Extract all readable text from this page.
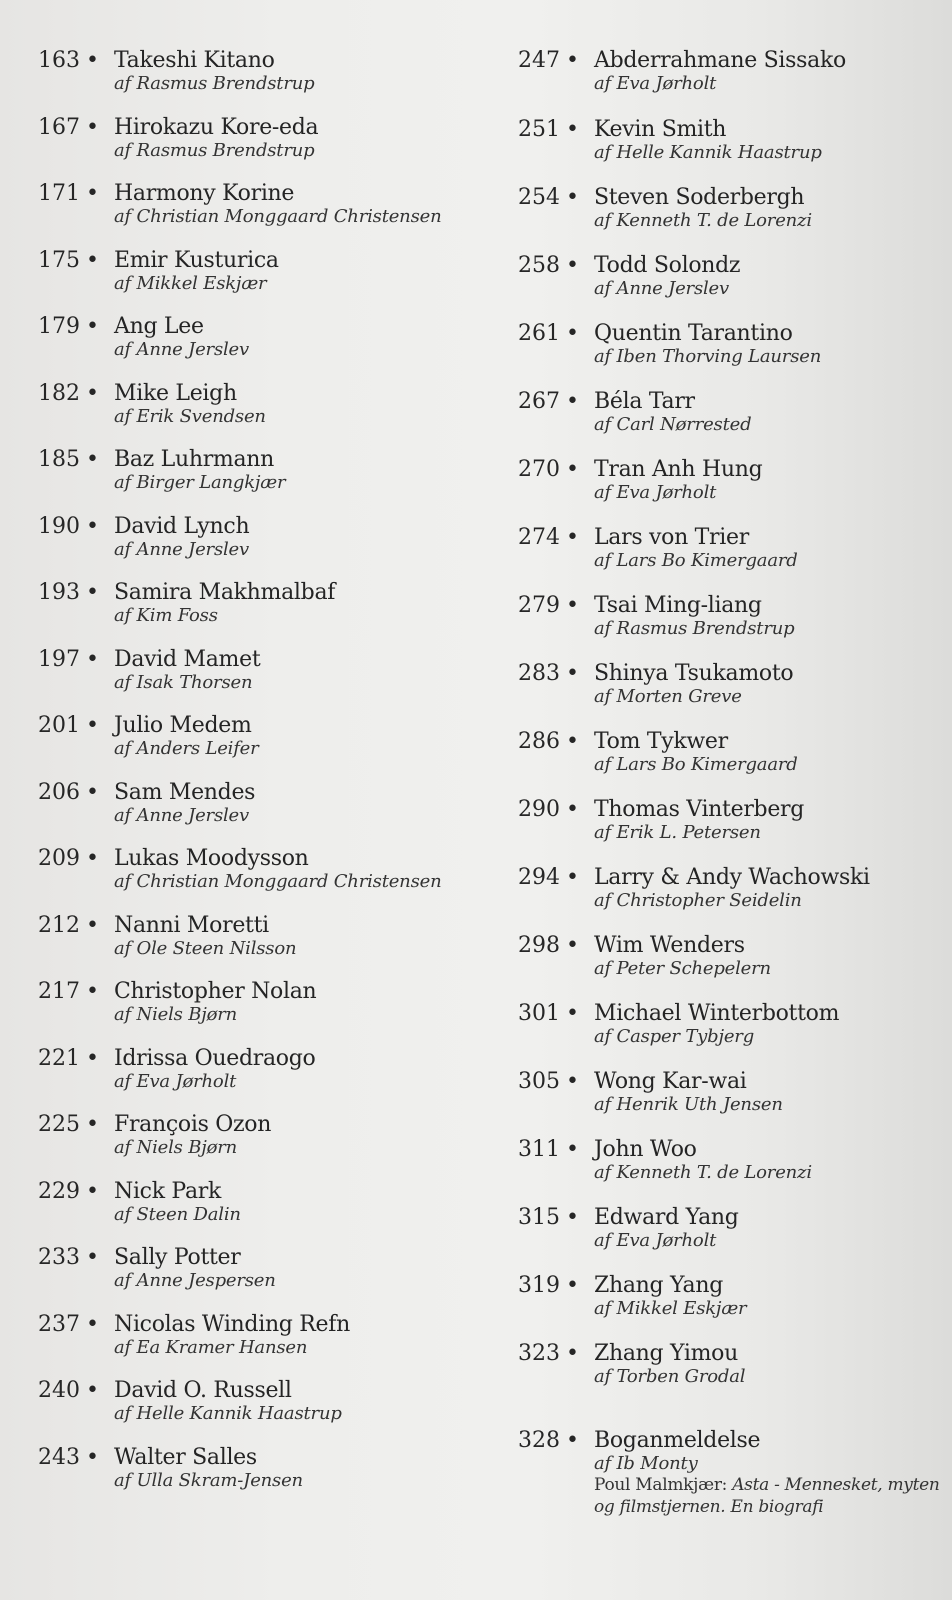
163 • Takeshi Kitano
af Rasmus Brendstrup
167 • Hirokazu Kore-eda
af Rasmus Brendstrup
171 • Harmony Korine
af Christian Monggaard Christensen
175 • Emir Kusturica
af Mikkel Eskjær
179 • Ang Lee
af Anne Jerslev
182 • Mike Leigh
af Erik Svendsen
185 • Baz Luhrmann
af Birger Langkjær
190 • David Lynch
af Anne Jerslev
193 • Samira Makhmalbaf
af Kim Foss
197 • David Mamet
af Isak Thorsen
201 • Julio Medem
af Anders Leifer
206 • Sam Mendes
af Anne Jerslev
209 • Lukas Moodysson
af Christian Monggaard Christensen
212 • Nanni Moretti
af Ole Steen Nilsson
217 • Christopher Nolan
af Niels Bjørn
221 • Idrissa Ouedraogo
af Eva Jørholt
225 • François Ozon
af Niels Bjørn
229 • Nick Park
af Steen Dalin
233 • Sally Potter
af Anne Jespersen
237 • Nicolas Winding Refn
af Ea Kramer Hansen
240 • David O. Russell
af Helle Kannik Haastrup
243 • Walter Salles
af Ulla Skram-Jensen
247 • Abderrahmane Sissako
af Eva Jørholt
251 • Kevin Smith
af Helle Kannik Haastrup
254 • Steven Soderbergh
af Kenneth T. de Lorenzi
258 • Todd Solondz
af Anne Jerslev
261 • Quentin Tarantino
af Iben Thorving Laursen
267 • Béla Tarr
af Carl Nørrested
270 • Tran Anh Hung
af Eva Jørholt
274 • Lars von Trier
af Lars Bo Kimergaard
279 • Tsai Ming-liang
af Rasmus Brendstrup
283 • Shinya Tsukamoto
af Morten Greve
286 • Tom Tykwer
af Lars Bo Kimergaard
290 • Thomas Vinterberg
af Erik L. Petersen
294 • Larry & Andy Wachowski
af Christopher Seidelin
298 • Wim Wenders
af Peter Schepelern
301 • Michael Winterbottom
af Casper Tybjerg
305 • Wong Kar-wai
af Henrik Uth Jensen
311 • John Woo
af Kenneth T. de Lorenzi
315 • Edward Yang
af Eva Jørholt
319 • Zhang Yang
af Mikkel Eskjær
323 • Zhang Yimou
af Torben Grodal
328 • Boganmeldelse
af Ib Monty
Poul Malmkjær: Asta - Mennesket, myten
og filmstjernen. En biografi
